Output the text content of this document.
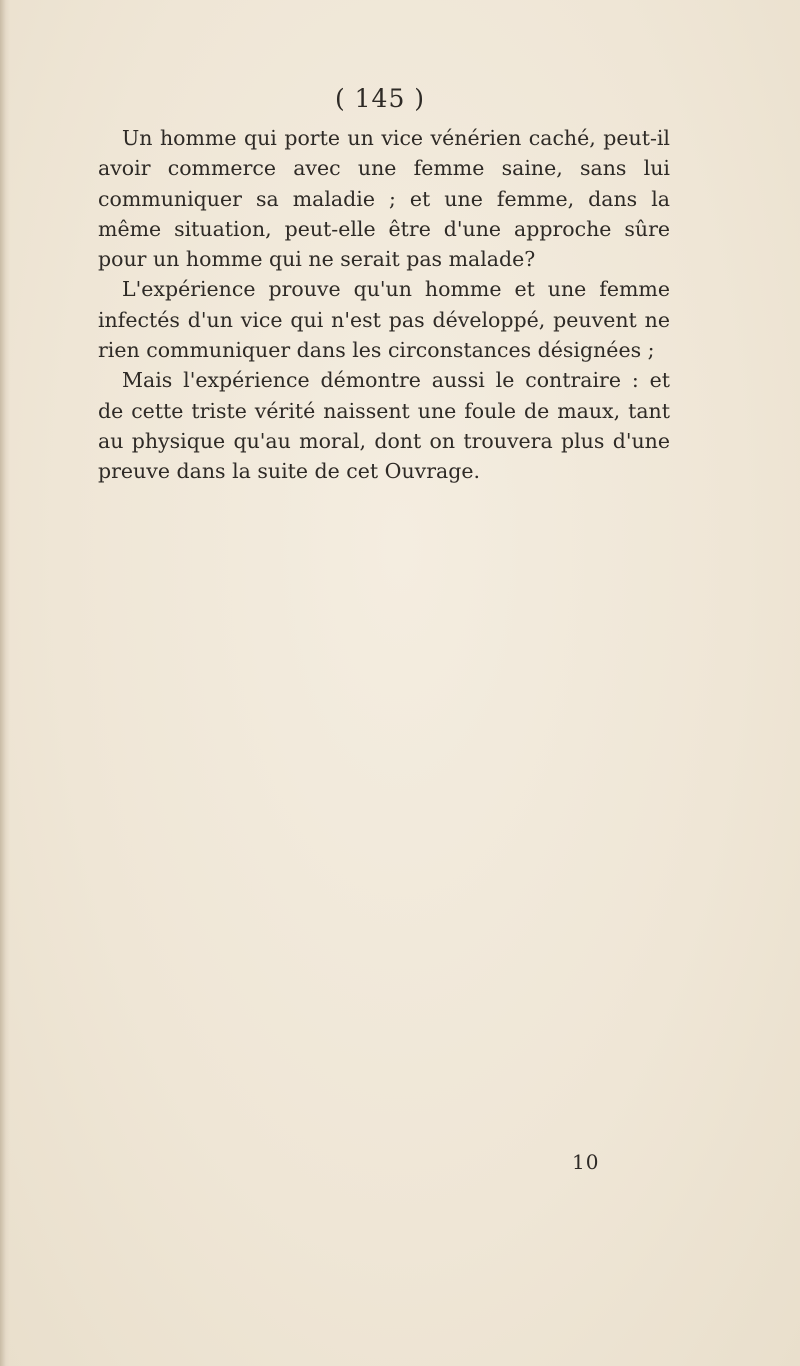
( 145 )

Un homme qui porte un vice vénérien caché, peut-il avoir commerce avec une femme saine, sans lui communiquer sa maladie ; et une femme, dans la même situation, peut-elle être d'une approche sûre pour un homme qui ne serait pas malade?

L'expérience prouve qu'un homme et une femme infectés d'un vice qui n'est pas développé, peuvent ne rien communiquer dans les circonstances désignées ;

Mais l'expérience démontre aussi le contraire : et de cette triste vérité naissent une foule de maux, tant au physique qu'au moral, dont on trouvera plus d'une preuve dans la suite de cet Ouvrage.

10
